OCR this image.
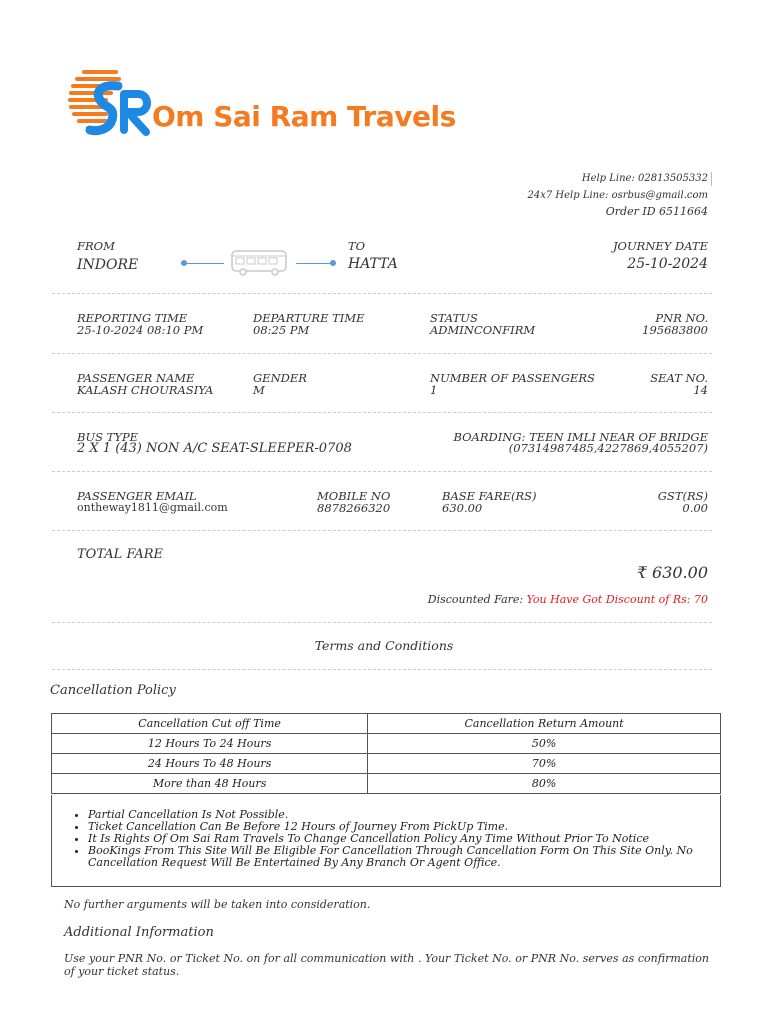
Om Sai Ram Travels
Help Line: 02813505332
24x7 Help Line: osrbus@gmail.com
Order ID 6511664
FROM
INDORE
TO
HATTA
JOURNEY DATE
25-10-2024
REPORTING TIME
25-10-2024 08:10 PM
DEPARTURE TIME
08:25 PM
STATUS
ADMINCONFIRM
PNR NO.
195683800
PASSENGER NAME
KALASH CHOURASIYA
GENDER
M
NUMBER OF PASSENGERS
1
SEAT NO.
14
BUS TYPE
2 X 1 (43) NON A/C SEAT-SLEEPER-0708
BOARDING: TEEN IMLI NEAR OF BRIDGE
(07314987485,4227869,4055207)
PASSENGER EMAIL
ontheway1811@gmail.com
MOBILE NO
8878266320
BASE FARE(RS)
630.00
GST(RS)
0.00
TOTAL FARE
₹ 630.00
Discounted Fare: You Have Got Discount of Rs: 70
Terms and Conditions
Cancellation Policy
Cancellation Cut off Time	Cancellation Return Amount
12 Hours To 24 Hours	50%
24 Hours To 48 Hours	70%
More than 48 Hours	80%
• Partial Cancellation Is Not Possible.
• Ticket Cancellation Can Be Before 12 Hours of Journey From PickUp Time.
• It Is Rights Of Om Sai Ram Travels To Change Cancellation Policy Any Time Without Prior To Notice
• BooKings From This Site Will Be Eligible For Cancellation Through Cancellation Form On This Site Only. No Cancellation Request Will Be Entertained By Any Branch Or Agent Office.
No further arguments will be taken into consideration.
Additional Information
Use your PNR No. or Ticket No. on for all communication with . Your Ticket No. or PNR No. serves as confirmation of your ticket status.
